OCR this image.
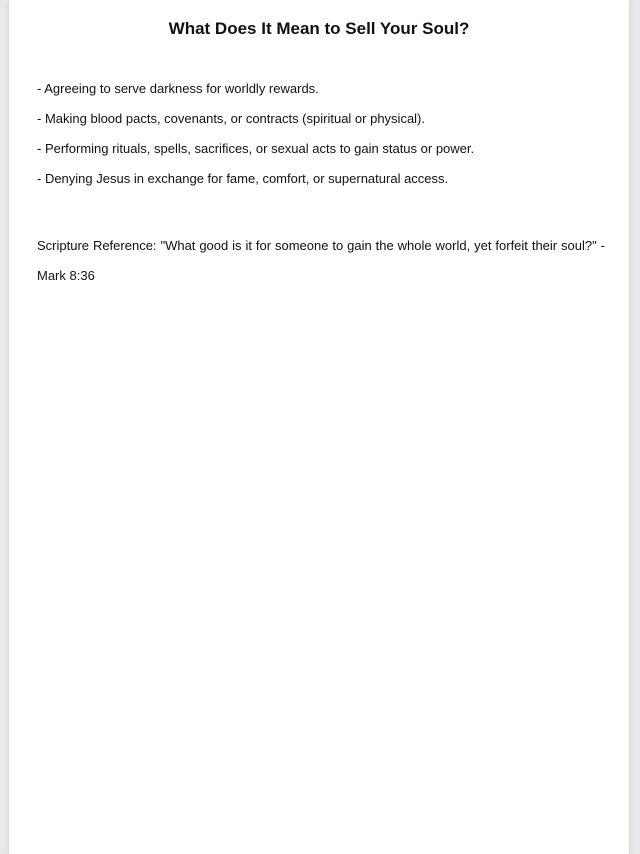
What Does It Mean to Sell Your Soul?
- Agreeing to serve darkness for worldly rewards.
- Making blood pacts, covenants, or contracts (spiritual or physical).
- Performing rituals, spells, sacrifices, or sexual acts to gain status or power.
- Denying Jesus in exchange for fame, comfort, or supernatural access.

Scripture Reference: "What good is it for someone to gain the whole world, yet forfeit their soul?" - Mark 8:36
